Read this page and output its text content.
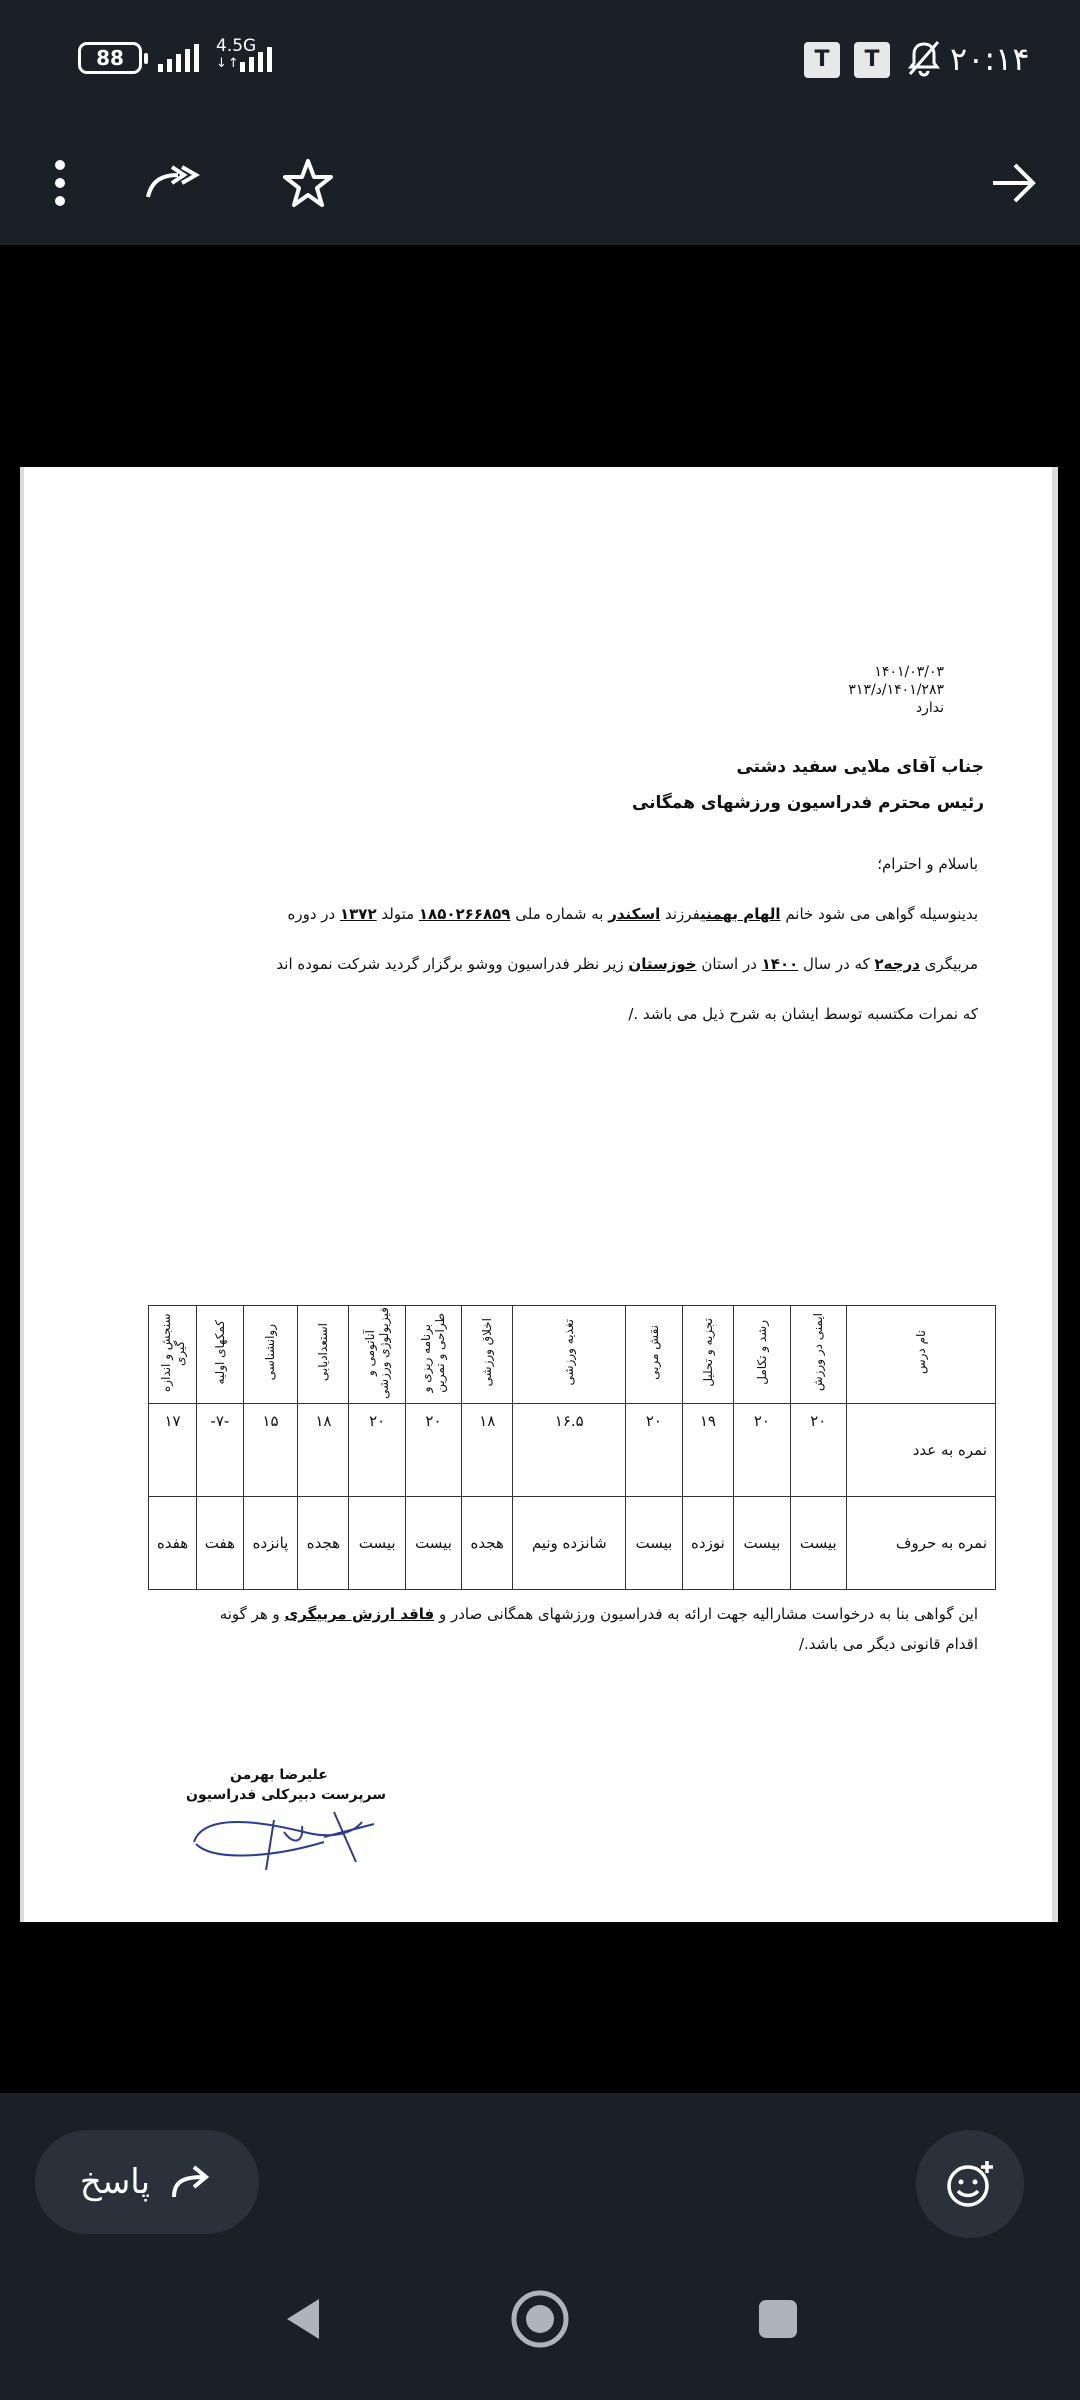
88	4.5G
↓↑	T	T	۲۰:۱۴
۱۴۰۱/۰۳/۰۳
۱۴۰۱/۲۸۳/د/۳۱۳
ندارد
جناب آقای ملایی سفید دشتی
رئیس محترم فدراسیون ورزشهای همگانی
باسلام و احترام؛
بدینوسیله گواهی می شود خانم الهام بهمنیفرزند اسکندر به شماره ملی ۱۸۵۰۲۶۶۸۵۹ متولد ۱۳۷۲ در دوره
مربیگری درجه۲ که در سال ۱۴۰۰ در استان خوزستان زیر نظر فدراسیون ووشو برگزار گردید شرکت نموده اند
که نمرات مکتسبه توسط ایشان به شرح ذیل می باشد ./
نام درس	ایمنی در ورزش	رشد و تکامل	تجزیه و تحلیل	نقش مربی	تغذیه ورزشی	اخلاق ورزشی	طراحی و تمرینبرنامه ریزی و	آناتومی و فیزیولوژی ورزشی	استعدادیابی	روانشناسی	کمکهای اولیه	سنجش و اندازه گیری
نمره به عدد	۲۰	۲۰	۱۹	۲۰	۱۶.۵	۱۸	۲۰	۲۰	۱۸	۱۵	-۷-	۱۷
نمره به حروف	بیست	بیست	نوزده	بیست	شانزده ونیم	هجده	بیست	بیست	هجده	پانزده	هفت	هفده
این گواهی بنا به درخواست مشارالیه جهت ارائه به فدراسیون ورزشهای همگانی صادر و فاقد ارزش مربیگری و هر گونه
اقدام قانونی دیگر می باشد./
علیرضا بهرمن
سرپرست دبیرکلی فدراسیون
پاسخ
